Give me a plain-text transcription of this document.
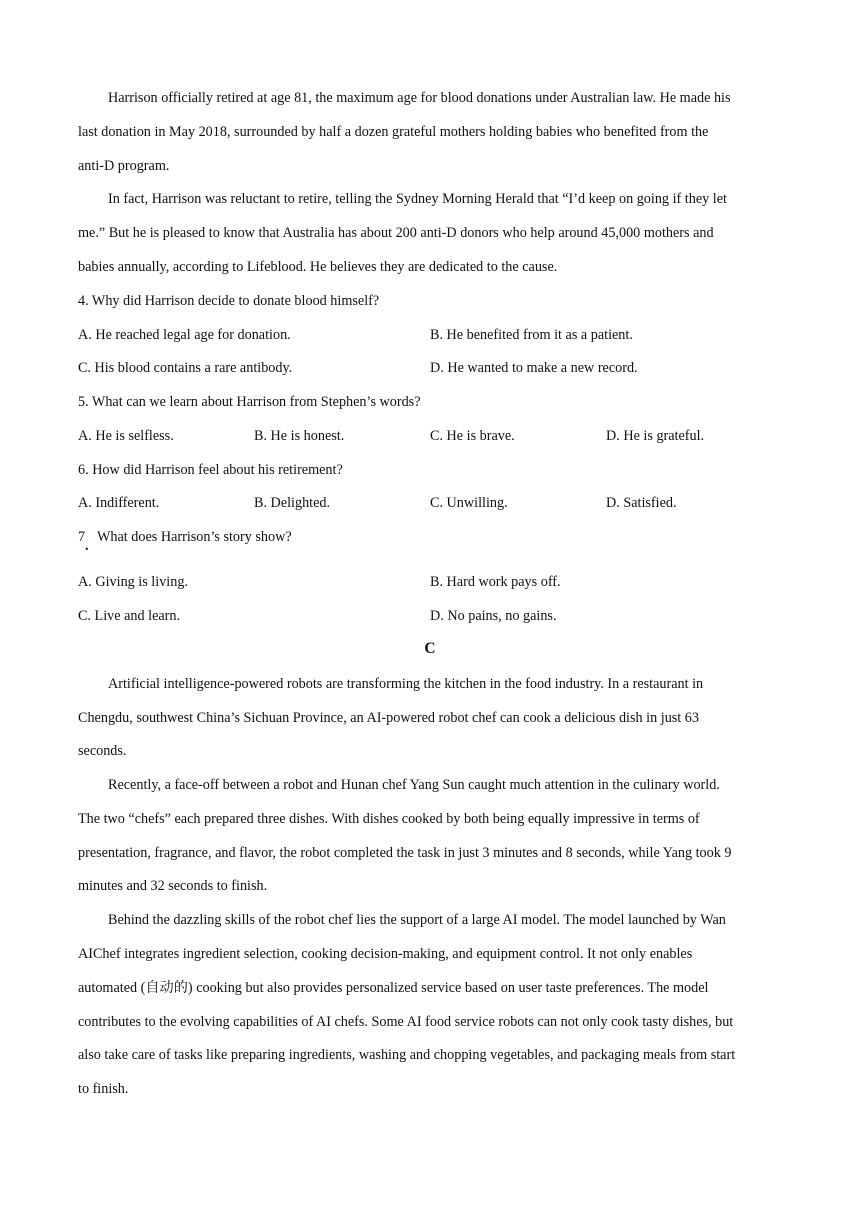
Harrison officially retired at age 81, the maximum age for blood donations under Australian law. He made his
last donation in May 2018, surrounded by half a dozen grateful mothers holding babies who benefited from the
anti-D program.
In fact, Harrison was reluctant to retire, telling the Sydney Morning Herald that “I’d keep on going if they let
me.” But he is pleased to know that Australia has about 200 anti-D donors who help around 45,000 mothers and
babies annually, according to Lifeblood. He believes they are dedicated to the cause.
4. Why did Harrison decide to donate blood himself?
A. He reached legal age for donation.	B. He benefited from it as a patient.
C. His blood contains a rare antibody.	D. He wanted to make a new record.
5. What can we learn about Harrison from Stephen’s words?
A. He is selfless.	B. He is honest.	C. He is brave.	D. He is grateful.
6. How did Harrison feel about his retirement?
A. Indifferent.	B. Delighted.	C. Unwilling.	D. Satisfied.
7
.
What does Harrison’s story show?
A. Giving is living.	B. Hard work pays off.
C. Live and learn.	D. No pains, no gains.
C
Artificial intelligence-powered robots are transforming the kitchen in the food industry. In a restaurant in
Chengdu, southwest China’s Sichuan Province, an AI-powered robot chef can cook a delicious dish in just 63
seconds.
Recently, a face-off between a robot and Hunan chef Yang Sun caught much attention in the culinary world.
The two “chefs” each prepared three dishes. With dishes cooked by both being equally impressive in terms of
presentation, fragrance, and flavor, the robot completed the task in just 3 minutes and 8 seconds, while Yang took 9
minutes and 32 seconds to finish.
Behind the dazzling skills of the robot chef lies the support of a large AI model. The model launched by Wan
AIChef integrates ingredient selection, cooking decision-making, and equipment control. It not only enables
automated (自动的) cooking but also provides personalized service based on user taste preferences. The model
contributes to the evolving capabilities of AI chefs. Some AI food service robots can not only cook tasty dishes, but
also take care of tasks like preparing ingredients, washing and chopping vegetables, and packaging meals from start
to finish.
